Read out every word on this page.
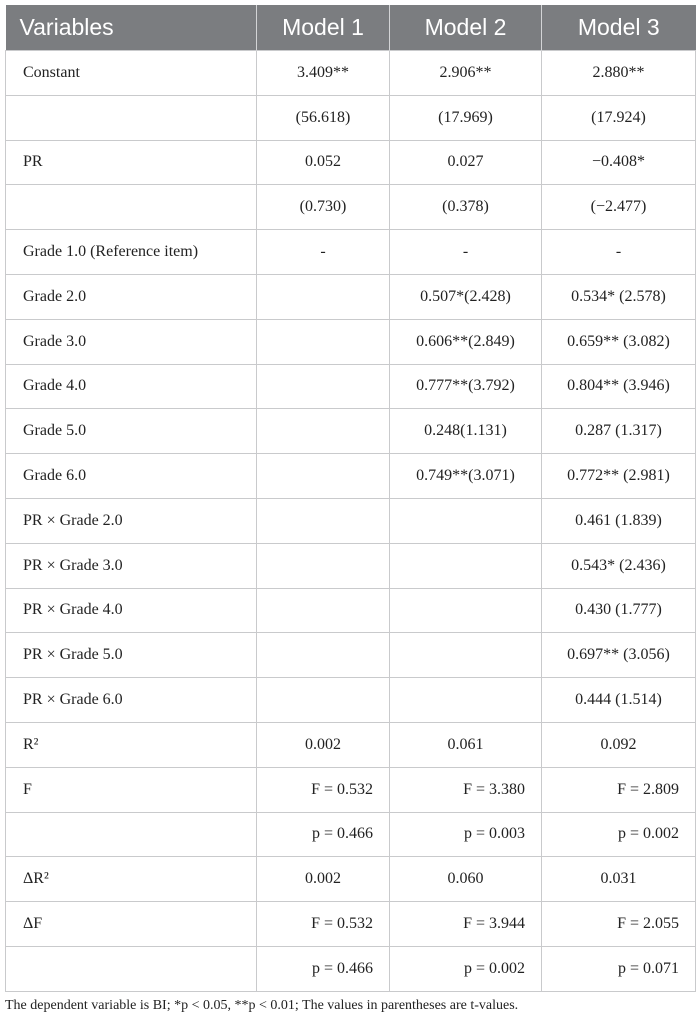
Variables	Model 1	Model 2	Model 3
Constant	3.409**	2.906**	2.880**
	(56.618)	(17.969)	(17.924)
PR	0.052	0.027	−0.408*
	(0.730)	(0.378)	(−2.477)
Grade 1.0 (Reference item)	-	-	-
Grade 2.0		0.507*(2.428)	0.534* (2.578)
Grade 3.0		0.606**(2.849)	0.659** (3.082)
Grade 4.0		0.777**(3.792)	0.804** (3.946)
Grade 5.0		0.248(1.131)	0.287 (1.317)
Grade 6.0		0.749**(3.071)	0.772** (2.981)
PR × Grade 2.0			0.461 (1.839)
PR × Grade 3.0			0.543* (2.436)
PR × Grade 4.0			0.430 (1.777)
PR × Grade 5.0			0.697** (3.056)
PR × Grade 6.0			0.444 (1.514)
R²	0.002	0.061	0.092
F	F = 0.532	F = 3.380	F = 2.809
	p = 0.466	p = 0.003	p = 0.002
ΔR²	0.002	0.060	0.031
ΔF	F = 0.532	F = 3.944	F = 2.055
	p = 0.466	p = 0.002	p = 0.071
The dependent variable is BI; *p < 0.05, **p < 0.01; The values in parentheses are t-values.
